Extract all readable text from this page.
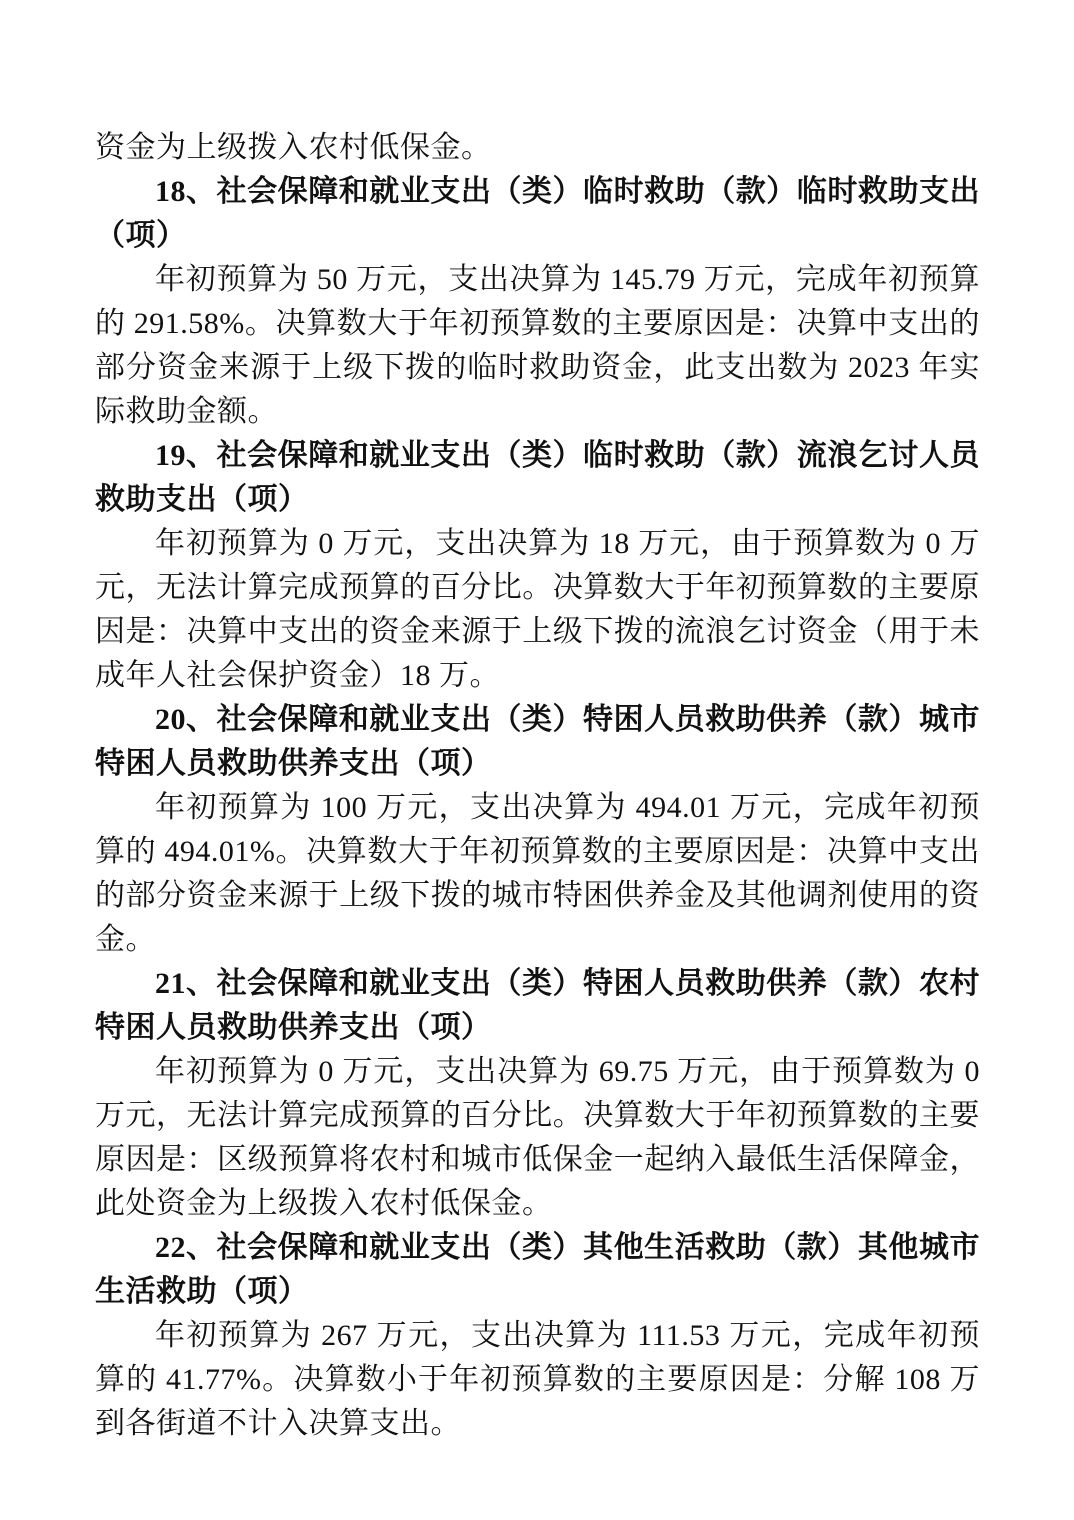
资金为上级拨入农村低保金。

18、社会保障和就业支出（类）临时救助（款）临时救助支出（项）

年初预算为 50 万元，支出决算为 145.79 万元，完成年初预算的 291.58%。决算数大于年初预算数的主要原因是：决算中支出的部分资金来源于上级下拨的临时救助资金，此支出数为 2023 年实际救助金额。

19、社会保障和就业支出（类）临时救助（款）流浪乞讨人员救助支出（项）

年初预算为 0 万元，支出决算为 18 万元，由于预算数为 0 万元，无法计算完成预算的百分比。决算数大于年初预算数的主要原因是：决算中支出的资金来源于上级下拨的流浪乞讨资金（用于未成年人社会保护资金）18 万。

20、社会保障和就业支出（类）特困人员救助供养（款）城市特困人员救助供养支出（项）

年初预算为 100 万元，支出决算为 494.01 万元，完成年初预算的 494.01%。决算数大于年初预算数的主要原因是：决算中支出的部分资金来源于上级下拨的城市特困供养金及其他调剂使用的资金。

21、社会保障和就业支出（类）特困人员救助供养（款）农村特困人员救助供养支出（项）

年初预算为 0 万元，支出决算为 69.75 万元，由于预算数为 0 万元，无法计算完成预算的百分比。决算数大于年初预算数的主要原因是：区级预算将农村和城市低保金一起纳入最低生活保障金，此处资金为上级拨入农村低保金。

22、社会保障和就业支出（类）其他生活救助（款）其他城市生活救助（项）

年初预算为 267 万元，支出决算为 111.53 万元，完成年初预算的 41.77%。决算数小于年初预算数的主要原因是：分解 108 万到各街道不计入决算支出。
